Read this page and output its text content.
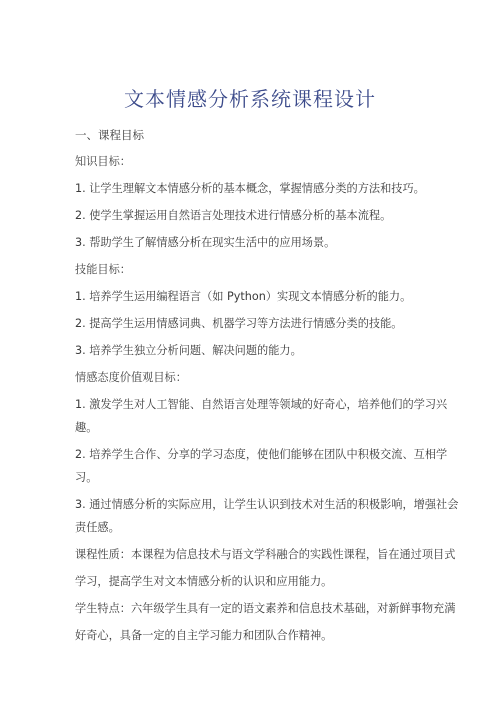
文本情感分析系统课程设计

一、课程目标

知识目标：

1. 让学生理解文本情感分析的基本概念，掌握情感分类的方法和技巧。

2. 使学生掌握运用自然语言处理技术进行情感分析的基本流程。

3. 帮助学生了解情感分析在现实生活中的应用场景。

技能目标：

1. 培养学生运用编程语言（如 Python）实现文本情感分析的能力。

2. 提高学生运用情感词典、机器学习等方法进行情感分类的技能。

3. 培养学生独立分析问题、解决问题的能力。

情感态度价值观目标：

1. 激发学生对人工智能、自然语言处理等领域的好奇心，培养他们的学习兴

趣。

2. 培养学生合作、分享的学习态度，使他们能够在团队中积极交流、互相学

习。

3. 通过情感分析的实际应用，让学生认识到技术对生活的积极影响，增强社会

责任感。

课程性质：本课程为信息技术与语文学科融合的实践性课程，旨在通过项目式

学习，提高学生对文本情感分析的认识和应用能力。

学生特点：六年级学生具有一定的语文素养和信息技术基础，对新鲜事物充满

好奇心，具备一定的自主学习能力和团队合作精神。
